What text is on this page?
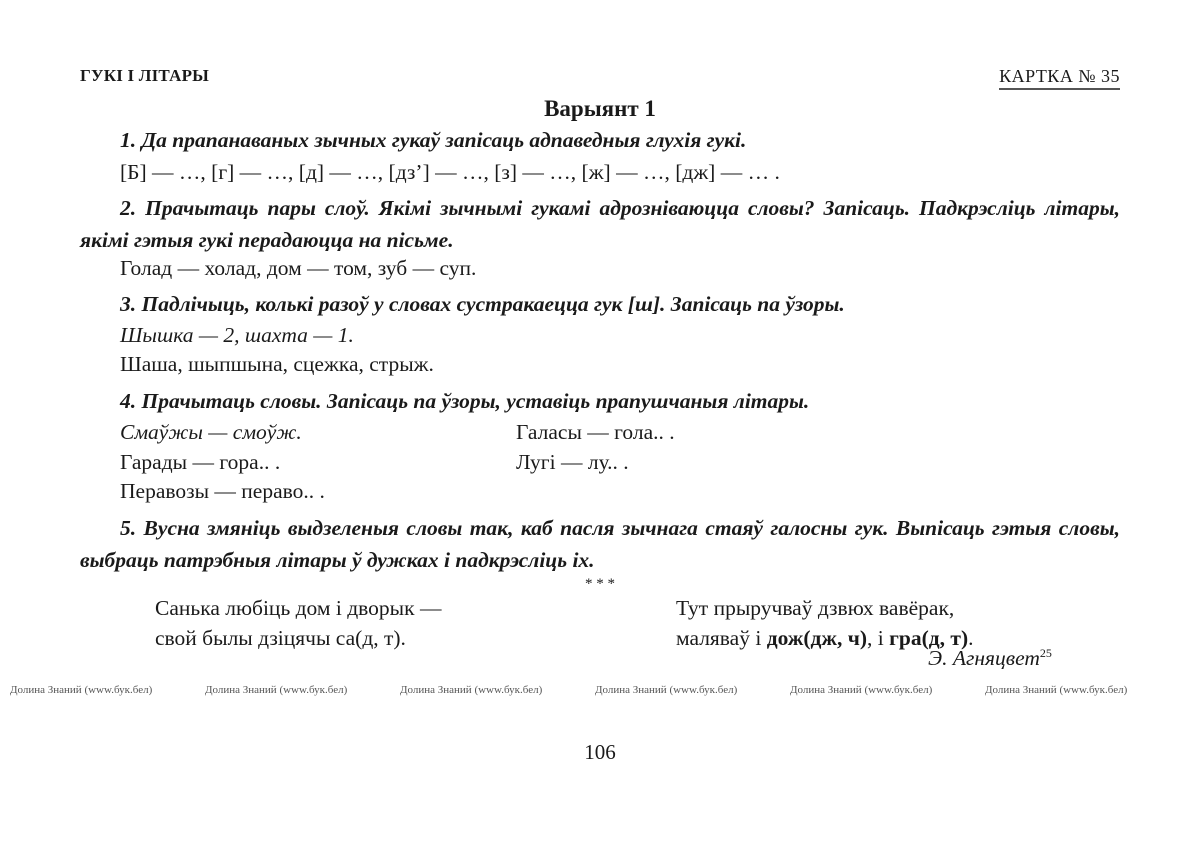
ГУКІ І ЛІТАРЫ	КАРТКА № 35
Варыянт 1
1. Да прапанаваных зычных гукаў запісаць адпаведныя глухія гукі.
[Б] — …, [г] — …, [д] — …, [дз’] — …, [з] — …, [ж] — …, [дж] — … .
2. Прачытаць пары слоў. Якімі зычнымі гукамі адрозніваюцца словы? Запісаць. Падкрэсліць літары, якімі гэтыя гукі перадаюцца на пісьме.
Голад — холад, дом — том, зуб — суп.
3. Падлічыць, колькі разоў у словах сустракаецца гук [ш]. Запісаць па ўзоры.
Шышка — 2, шахта — 1.
Шаша, шыпшына, сцежка, стрыж.
4. Прачытаць словы. Запісаць па ўзоры, уставіць прапушчаныя літары.
Смаўжы — смоўж.	Галасы — гола.. .
Гарады — гора.. .	Лугі — лу.. .
Перавозы — пераво.. .
5. Вусна змяніць выдзеленыя словы так, каб пасля зычнага стаяў галосны гук. Выпісаць гэтыя словы, выбраць патрэбныя літары ў дужках і падкрэсліць іх.
* * *
Санька любіць дом і дворык —
свой былы дзіцячы са(д, т).
Тут прыручваў дзвюх вавёрак,
маляваў і дож(дж, ч), і гра(д, т).
Э. Агняцвет$^{25}$
Долина Знаний (www.бук.бел)	Долина Знаний (www.бук.бел)	Долина Знаний (www.бук.бел)	Долина Знаний (www.бук.бел)	Долина Знаний (www.бук.бел)	Долина Знаний (www.бук.бел)
106
